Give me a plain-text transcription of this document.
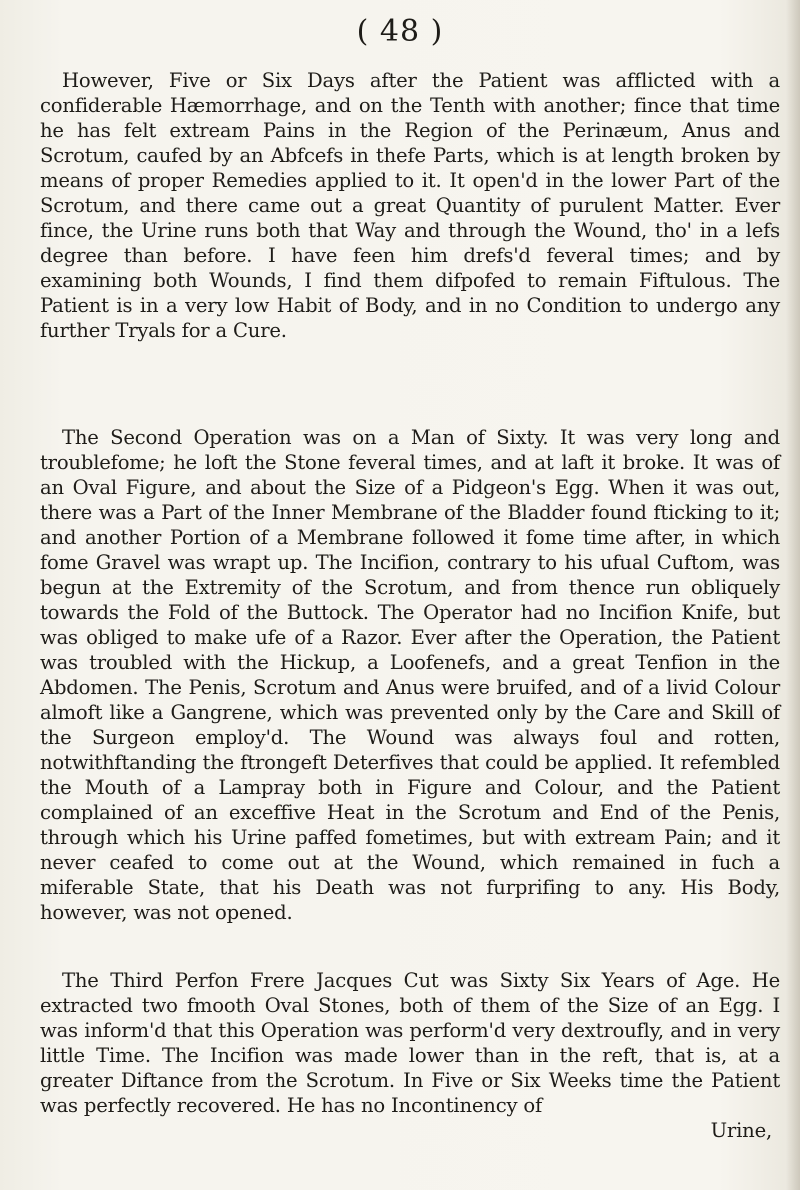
( 48 )

However, Five or Six Days after the Patient was afflicted with a confiderable Hæmorrhage, and on the Tenth with another; fince that time he has felt extream Pains in the Region of the Perinæum, Anus and Scrotum, caufed by an Abfcefs in thefe Parts, which is at length broken by means of proper Remedies applied to it. It open'd in the lower Part of the Scrotum, and there came out a great Quantity of purulent Matter. Ever fince, the Urine runs both that Way and through the Wound, tho' in a lefs degree than before. I have feen him drefs'd feveral times; and by examining both Wounds, I find them difpofed to remain Fiftulous. The Patient is in a very low Habit of Body, and in no Condition to undergo any further Tryals for a Cure.

The Second Operation was on a Man of Sixty. It was very long and troublefome; he loft the Stone feveral times, and at laft it broke. It was of an Oval Figure, and about the Size of a Pidgeon's Egg. When it was out, there was a Part of the Inner Membrane of the Bladder found fticking to it; and another Portion of a Membrane followed it fome time after, in which fome Gravel was wrapt up. The Incifion, contrary to his ufual Cuftom, was begun at the Extremity of the Scrotum, and from thence run obliquely towards the Fold of the Buttock. The Operator had no Incifion Knife, but was obliged to make ufe of a Razor. Ever after the Operation, the Patient was troubled with the Hickup, a Loofenefs, and a great Tenfion in the Abdomen. The Penis, Scrotum and Anus were bruifed, and of a livid Colour almoft like a Gangrene, which was prevented only by the Care and Skill of the Surgeon employ'd. The Wound was always foul and rotten, notwithftanding the ftrongeft Deterfives that could be applied. It refembled the Mouth of a Lampray both in Figure and Colour, and the Patient complained of an exceffive Heat in the Scrotum and End of the Penis, through which his Urine paffed fometimes, but with extream Pain; and it never ceafed to come out at the Wound, which remained in fuch a miferable State, that his Death was not furprifing to any. His Body, however, was not opened.

The Third Perfon Frere Jacques Cut was Sixty Six Years of Age. He extracted two fmooth Oval Stones, both of them of the Size of an Egg. I was inform'd that this Operation was perform'd very dextroufly, and in very little Time. The Incifion was made lower than in the reft, that is, at a greater Diftance from the Scrotum. In Five or Six Weeks time the Patient was perfectly recovered. He has no Incontinency of

Urine,
